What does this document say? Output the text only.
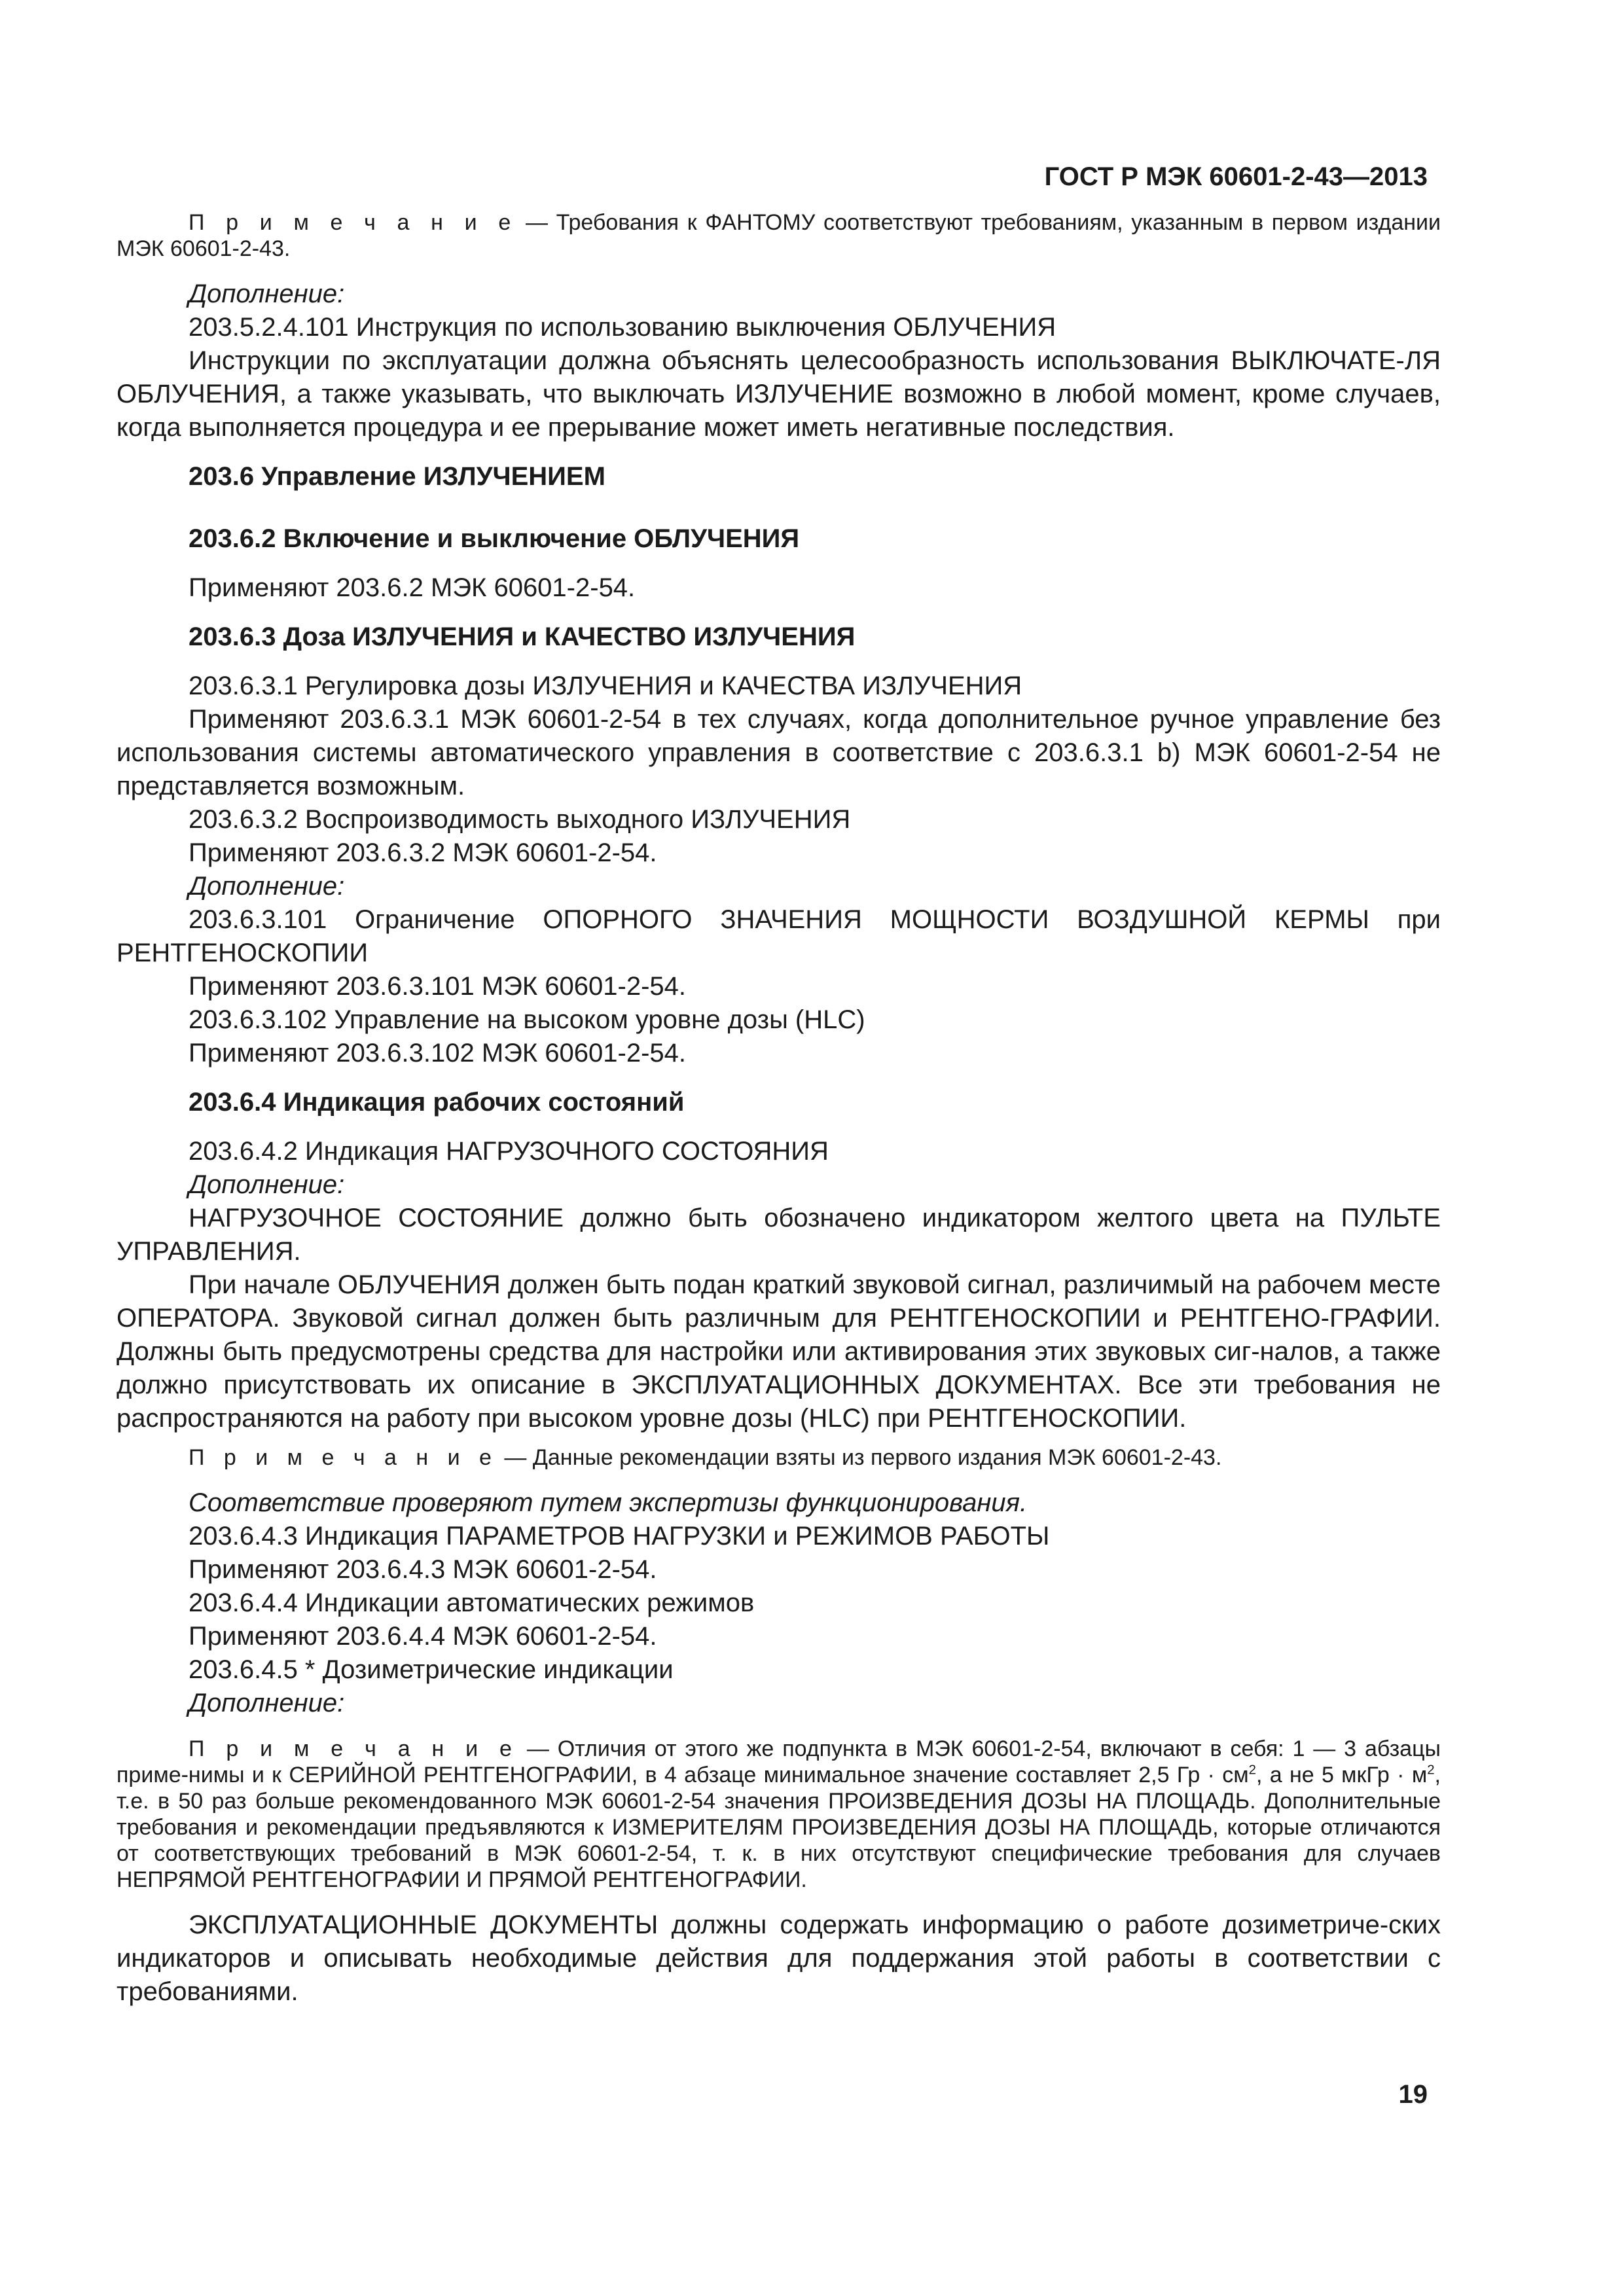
ГОСТ Р МЭК 60601-2-43—2013

П р и м е ч а н и е — Требования к ФАНТОМУ соответствуют требованиям, указанным в первом издании МЭК 60601-2-43.

Дополнение:

203.5.2.4.101 Инструкция по использованию выключения ОБЛУЧЕНИЯ

Инструкции по эксплуатации должна объяснять целесообразность использования ВЫКЛЮЧАТЕ-ЛЯ ОБЛУЧЕНИЯ, а также указывать, что выключать ИЗЛУЧЕНИЕ возможно в любой момент, кроме случаев, когда выполняется процедура и ее прерывание может иметь негативные последствия.

203.6 Управление ИЗЛУЧЕНИЕМ

203.6.2 Включение и выключение ОБЛУЧЕНИЯ

Применяют 203.6.2 МЭК 60601-2-54.

203.6.3 Доза ИЗЛУЧЕНИЯ и КАЧЕСТВО ИЗЛУЧЕНИЯ

203.6.3.1 Регулировка дозы ИЗЛУЧЕНИЯ и КАЧЕСТВА ИЗЛУЧЕНИЯ

Применяют 203.6.3.1 МЭК 60601-2-54 в тех случаях, когда дополнительное ручное управление без использования системы автоматического управления в соответствие с 203.6.3.1 b) МЭК 60601-2-54 не представляется возможным.

203.6.3.2 Воспроизводимость выходного ИЗЛУЧЕНИЯ

Применяют 203.6.3.2 МЭК 60601-2-54.

Дополнение:

203.6.3.101 Ограничение ОПОРНОГО ЗНАЧЕНИЯ МОЩНОСТИ ВОЗДУШНОЙ КЕРМЫ при РЕНТГЕНОСКОПИИ

Применяют 203.6.3.101 МЭК 60601-2-54.

203.6.3.102 Управление на высоком уровне дозы (HLC)

Применяют 203.6.3.102 МЭК 60601-2-54.

203.6.4 Индикация рабочих состояний

203.6.4.2 Индикация НАГРУЗОЧНОГО СОСТОЯНИЯ

Дополнение:

НАГРУЗОЧНОЕ СОСТОЯНИЕ должно быть обозначено индикатором желтого цвета на ПУЛЬТЕ УПРАВЛЕНИЯ.

При начале ОБЛУЧЕНИЯ должен быть подан краткий звуковой сигнал, различимый на рабочем месте ОПЕРАТОРА. Звуковой сигнал должен быть различным для РЕНТГЕНОСКОПИИ и РЕНТГЕНО-ГРАФИИ. Должны быть предусмотрены средства для настройки или активирования этих звуковых сиг-налов, а также должно присутствовать их описание в ЭКСПЛУАТАЦИОННЫХ ДОКУМЕНТАХ. Все эти требования не распространяются на работу при высоком уровне дозы (HLC) при РЕНТГЕНОСКОПИИ.

П р и м е ч а н и е — Данные рекомендации взяты из первого издания МЭК 60601-2-43.

Соответствие проверяют путем экспертизы функционирования.

203.6.4.3 Индикация ПАРАМЕТРОВ НАГРУЗКИ и РЕЖИМОВ РАБОТЫ

Применяют 203.6.4.3 МЭК 60601-2-54.

203.6.4.4 Индикации автоматических режимов

Применяют 203.6.4.4 МЭК 60601-2-54.

203.6.4.5 * Дозиметрические индикации

Дополнение:

П р и м е ч а н и е — Отличия от этого же подпункта в МЭК 60601-2-54, включают в себя: 1 — 3 абзацы приме-нимы и к СЕРИЙНОЙ РЕНТГЕНОГРАФИИ, в 4 абзаце минимальное значение составляет 2,5 Гр · $см^2$, а не 5 мкГр · $м^2$, т.е. в 50 раз больше рекомендованного МЭК 60601-2-54 значения ПРОИЗВЕДЕНИЯ ДОЗЫ НА ПЛОЩАДЬ. Дополнительные требования и рекомендации предъявляются к ИЗМЕРИТЕЛЯМ ПРОИЗВЕДЕНИЯ ДОЗЫ НА ПЛОЩАДЬ, которые отличаются от соответствующих требований в МЭК 60601-2-54, т. к. в них отсутствуют специфические требования для случаев НЕПРЯМОЙ РЕНТГЕНОГРАФИИ И ПРЯМОЙ РЕНТГЕНОГРАФИИ.

ЭКСПЛУАТАЦИОННЫЕ ДОКУМЕНТЫ должны содержать информацию о работе дозиметриче-ских индикаторов и описывать необходимые действия для поддержания этой работы в соответствии с требованиями.

19
